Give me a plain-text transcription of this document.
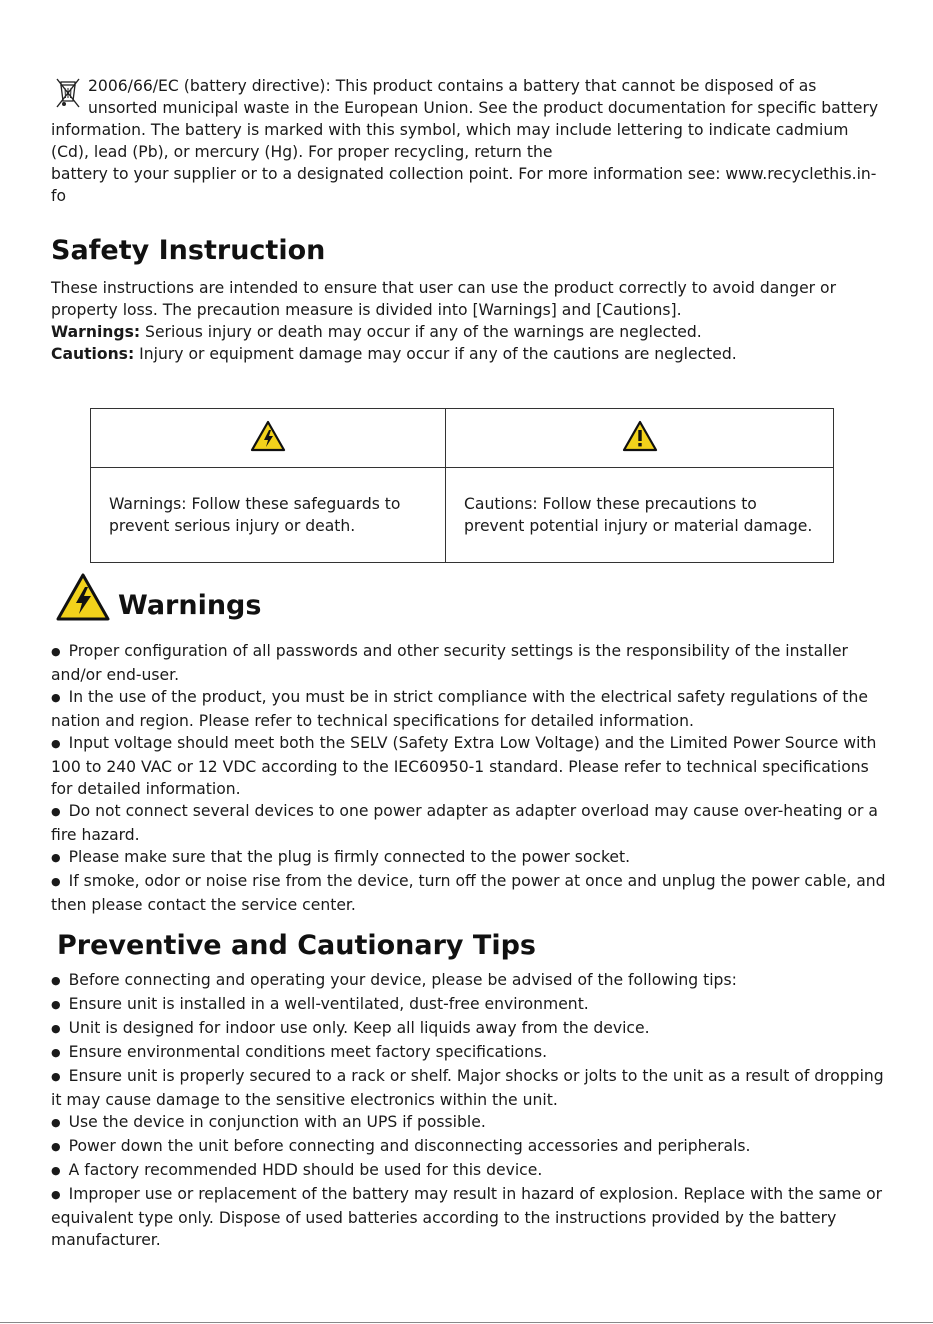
2006/66/EC (battery directive): This product contains a battery that cannot be disposed of as
unsorted municipal waste in the European Union. See the product documentation for specific battery information. The battery is marked with this symbol, which may include lettering to indicate cadmium (Cd), lead (Pb), or mercury (Hg). For proper recycling, return the
battery to your supplier or to a designated collection point. For more information see: www.recyclethis.in-fo
Safety Instruction
These instructions are intended to ensure that user can use the product correctly to avoid danger or property loss. The precaution measure is divided into [Warnings] and [Cautions].
Warnings: Serious injury or death may occur if any of the warnings are neglected.
Cautions: Injury or equipment damage may occur if any of the cautions are neglected.

Warnings: Follow these safeguards to prevent serious injury or death.	Cautions: Follow these precautions to prevent potential injury or material damage.
Warnings
● Proper configuration of all passwords and other security settings is the responsibility of the installer and/or end-user.
● In the use of the product, you must be in strict compliance with the electrical safety regulations of the nation and region. Please refer to technical specifications for detailed information.
● Input voltage should meet both the SELV (Safety Extra Low Voltage) and the Limited Power Source with 100 to 240 VAC or 12 VDC according to the IEC60950-1 standard. Please refer to technical specifications for detailed information.
● Do not connect several devices to one power adapter as adapter overload may cause over-heating or a fire hazard.
● Please make sure that the plug is firmly connected to the power socket.
● If smoke, odor or noise rise from the device, turn off the power at once and unplug the power cable, and then please contact the service center.
Preventive and Cautionary Tips
● Before connecting and operating your device, please be advised of the following tips:
● Ensure unit is installed in a well-ventilated, dust-free environment.
● Unit is designed for indoor use only. Keep all liquids away from the device.
● Ensure environmental conditions meet factory specifications.
● Ensure unit is properly secured to a rack or shelf. Major shocks or jolts to the unit as a result of dropping it may cause damage to the sensitive electronics within the unit.
● Use the device in conjunction with an UPS if possible.
● Power down the unit before connecting and disconnecting accessories and peripherals.
● A factory recommended HDD should be used for this device.
● Improper use or replacement of the battery may result in hazard of explosion. Replace with the same or equivalent type only. Dispose of used batteries according to the instructions provided by the battery manufacturer.
